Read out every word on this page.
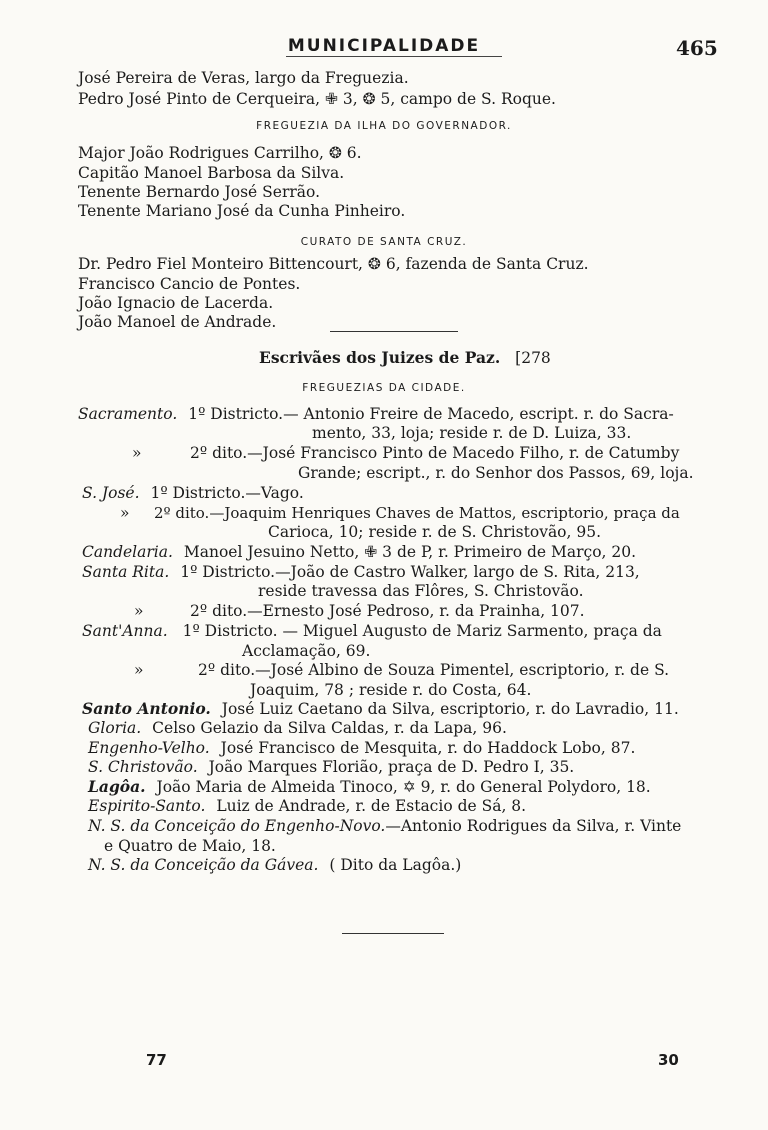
MUNICIPALIDADE	465
José Pereira de Veras, largo da Freguezia.
Pedro José Pinto de Cerqueira, ✙ 3, ❂ 5, campo de S. Roque.
FREGUEZIA DA ILHA DO GOVERNADOR.
Major João Rodrigues Carrilho, ❂ 6.
Capitão Manoel Barbosa da Silva.
Tenente Bernardo José Serrão.
Tenente Mariano José da Cunha Pinheiro.
CURATO DE SANTA CRUZ.
Dr. Pedro Fiel Monteiro Bittencourt, ❂ 6, fazenda de Santa Cruz.
Francisco Cancio de Pontes.
João Ignacio de Lacerda.
João Manoel de Andrade.
Escrivães dos Juizes de Paz. [278
FREGUEZIAS DA CIDADE.
Sacramento. 1º Districto.— Antonio Freire de Macedo, escript. r. do Sacra-
mento, 33, loja; reside r. de D. Luiza, 33.
»	2º dito.—José Francisco Pinto de Macedo Filho, r. de Catumby
Grande; escript., r. do Senhor dos Passos, 69, loja.
S. José. 1º Districto.—Vago.
» 2º dito.—Joaquim Henriques Chaves de Mattos, escriptorio, praça da
Carioca, 10; reside r. de S. Christovão, 95.
Candelaria. Manoel Jesuino Netto, ✙ 3 de P, r. Primeiro de Março, 20.
Santa Rita. 1º Districto.—João de Castro Walker, largo de S. Rita, 213,
reside travessa das Flôres, S. Christovão.
»	2º dito.—Ernesto José Pedroso, r. da Prainha, 107.
Sant'Anna. 1º Districto. — Miguel Augusto de Mariz Sarmento, praça da
Acclamação, 69.
»	2º dito.—José Albino de Souza Pimentel, escriptorio, r. de S.
Joaquim, 78 ; reside r. do Costa, 64.
Santo Antonio. José Luiz Caetano da Silva, escriptorio, r. do Lavradio, 11.
Gloria. Celso Gelazio da Silva Caldas, r. da Lapa, 96.
Engenho-Velho. José Francisco de Mesquita, r. do Haddock Lobo, 87.
S. Christovão. João Marques Florião, praça de D. Pedro I, 35.
Lagôa. João Maria de Almeida Tinoco, ✡ 9, r. do General Polydoro, 18.
Espirito-Santo. Luiz de Andrade, r. de Estacio de Sá, 8.
N. S. da Conceição do Engenho-Novo.—Antonio Rodrigues da Silva, r. Vinte
e Quatro de Maio, 18.
N. S. da Conceição da Gávea. ( Dito da Lagôa.)
77	30
